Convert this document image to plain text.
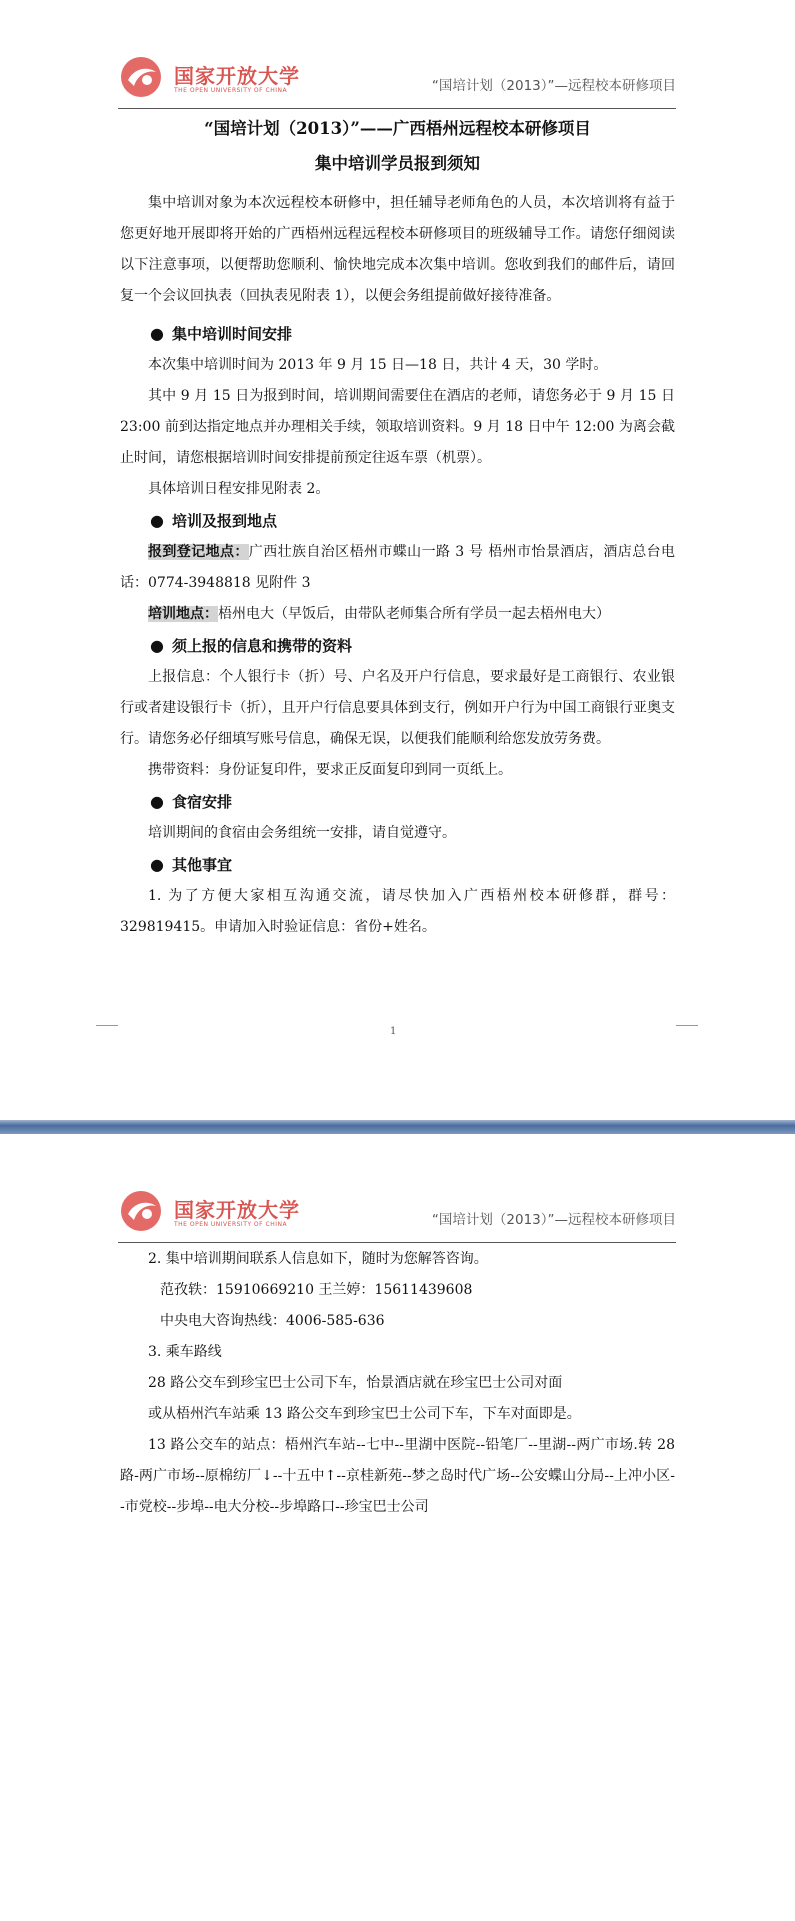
国家开放大学
THE OPEN UNIVERSITY OF CHINA	“国培计划（2013）”—远程校本研修项目

“国培计划（2013）”——广西梧州远程校本研修项目

集中培训学员报到须知

集中培训对象为本次远程校本研修中，担任辅导老师角色的人员，本次培训将有益于您更好地开展即将开始的广西梧州远程远程校本研修项目的班级辅导工作。请您仔细阅读以下注意事项，以便帮助您顺利、愉快地完成本次集中培训。您收到我们的邮件后，请回复一个会议回执表（回执表见附表 1），以便会务组提前做好接待准备。

● 集中培训时间安排

本次集中培训时间为 2013 年 9 月 15 日—18 日，共计 4 天，30 学时。

其中 9 月 15 日为报到时间，培训期间需要住在酒店的老师，请您务必于 9 月 15 日 23:00 前到达指定地点并办理相关手续，领取培训资料。9 月 18 日中午 12:00 为离会截止时间，请您根据培训时间安排提前预定往返车票（机票）。

具体培训日程安排见附表 2。

● 培训及报到地点

报到登记地点：广西壮族自治区梧州市蝶山一路 3 号 梧州市怡景酒店，酒店总台电话：0774-3948818 见附件 3

培训地点：梧州电大（早饭后，由带队老师集合所有学员一起去梧州电大）

● 须上报的信息和携带的资料

上报信息：个人银行卡（折）号、户名及开户行信息，要求最好是工商银行、农业银行或者建设银行卡（折），且开户行信息要具体到支行，例如开户行为中国工商银行亚奥支行。请您务必仔细填写账号信息，确保无误，以便我们能顺利给您发放劳务费。

携带资料：身份证复印件，要求正反面复印到同一页纸上。

● 食宿安排

培训期间的食宿由会务组统一安排，请自觉遵守。

● 其他事宜

1. 为了方便大家相互沟通交流，请尽快加入广西梧州校本研修群，群号：329819415。申请加入时验证信息：省份+姓名。

1
国家开放大学
THE OPEN UNIVERSITY OF CHINA	“国培计划（2013）”—远程校本研修项目

2. 集中培训期间联系人信息如下，随时为您解答咨询。

范孜轶：15910669210 王兰婷：15611439608

中央电大咨询热线：4006-585-636

3. 乘车路线

28 路公交车到珍宝巴士公司下车，怡景酒店就在珍宝巴士公司对面

或从梧州汽车站乘 13 路公交车到珍宝巴士公司下车，下车对面即是。

13 路公交车的站点：梧州汽车站--七中--里湖中医院--铅笔厂--里湖--两广市场.转 28 路-两广市场--原棉纺厂↓--十五中↑--京桂新苑--梦之岛时代广场--公安蝶山分局--上冲小区--市党校--步埠--电大分校--步埠路口--珍宝巴士公司
